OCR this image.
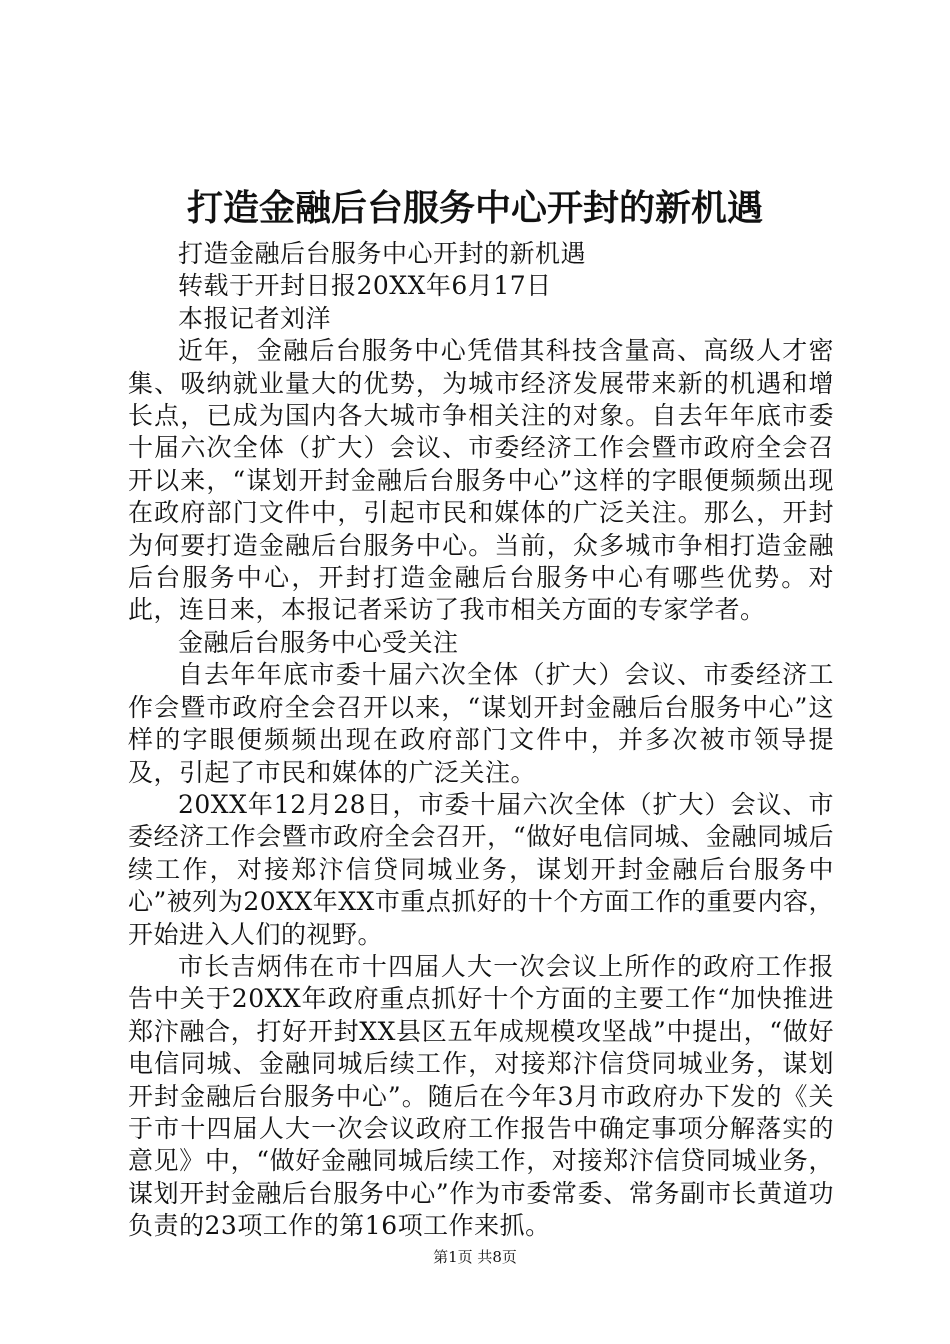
打造金融后台服务中心开封的新机遇

打造金融后台服务中心开封的新机遇

转载于开封日报20XX年6月17日

本报记者刘洋

近年，金融后台服务中心凭借其科技含量高、高级人才密集、吸纳就业量大的优势，为城市经济发展带来新的机遇和增长点，已成为国内各大城市争相关注的对象。自去年年底市委十届六次全体（扩大）会议、市委经济工作会暨市政府全会召开以来，“谋划开封金融后台服务中心”这样的字眼便频频出现在政府部门文件中，引起市民和媒体的广泛关注。那么，开封为何要打造金融后台服务中心。当前，众多城市争相打造金融后台服务中心，开封打造金融后台服务中心有哪些优势。对此，连日来，本报记者采访了我市相关方面的专家学者。

金融后台服务中心受关注

自去年年底市委十届六次全体（扩大）会议、市委经济工作会暨市政府全会召开以来，“谋划开封金融后台服务中心”这样的字眼便频频出现在政府部门文件中，并多次被市领导提及，引起了市民和媒体的广泛关注。

20XX年12月28日，市委十届六次全体（扩大）会议、市委经济工作会暨市政府全会召开，“做好电信同城、金融同城后续工作，对接郑汴信贷同城业务，谋划开封金融后台服务中心”被列为20XX年XX市重点抓好的十个方面工作的重要内容，开始进入人们的视野。

市长吉炳伟在市十四届人大一次会议上所作的政府工作报告中关于20XX年政府重点抓好十个方面的主要工作“加快推进郑汴融合，打好开封XX县区五年成规模攻坚战”中提出，“做好电信同城、金融同城后续工作，对接郑汴信贷同城业务，谋划开封金融后台服务中心”。随后在今年3月市政府办下发的《关于市十四届人大一次会议政府工作报告中确定事项分解落实的意见》中，“做好金融同城后续工作，对接郑汴信贷同城业务，谋划开封金融后台服务中心”作为市委常委、常务副市长黄道功负责的23项工作的第16项工作来抓。

第1页 共8页
